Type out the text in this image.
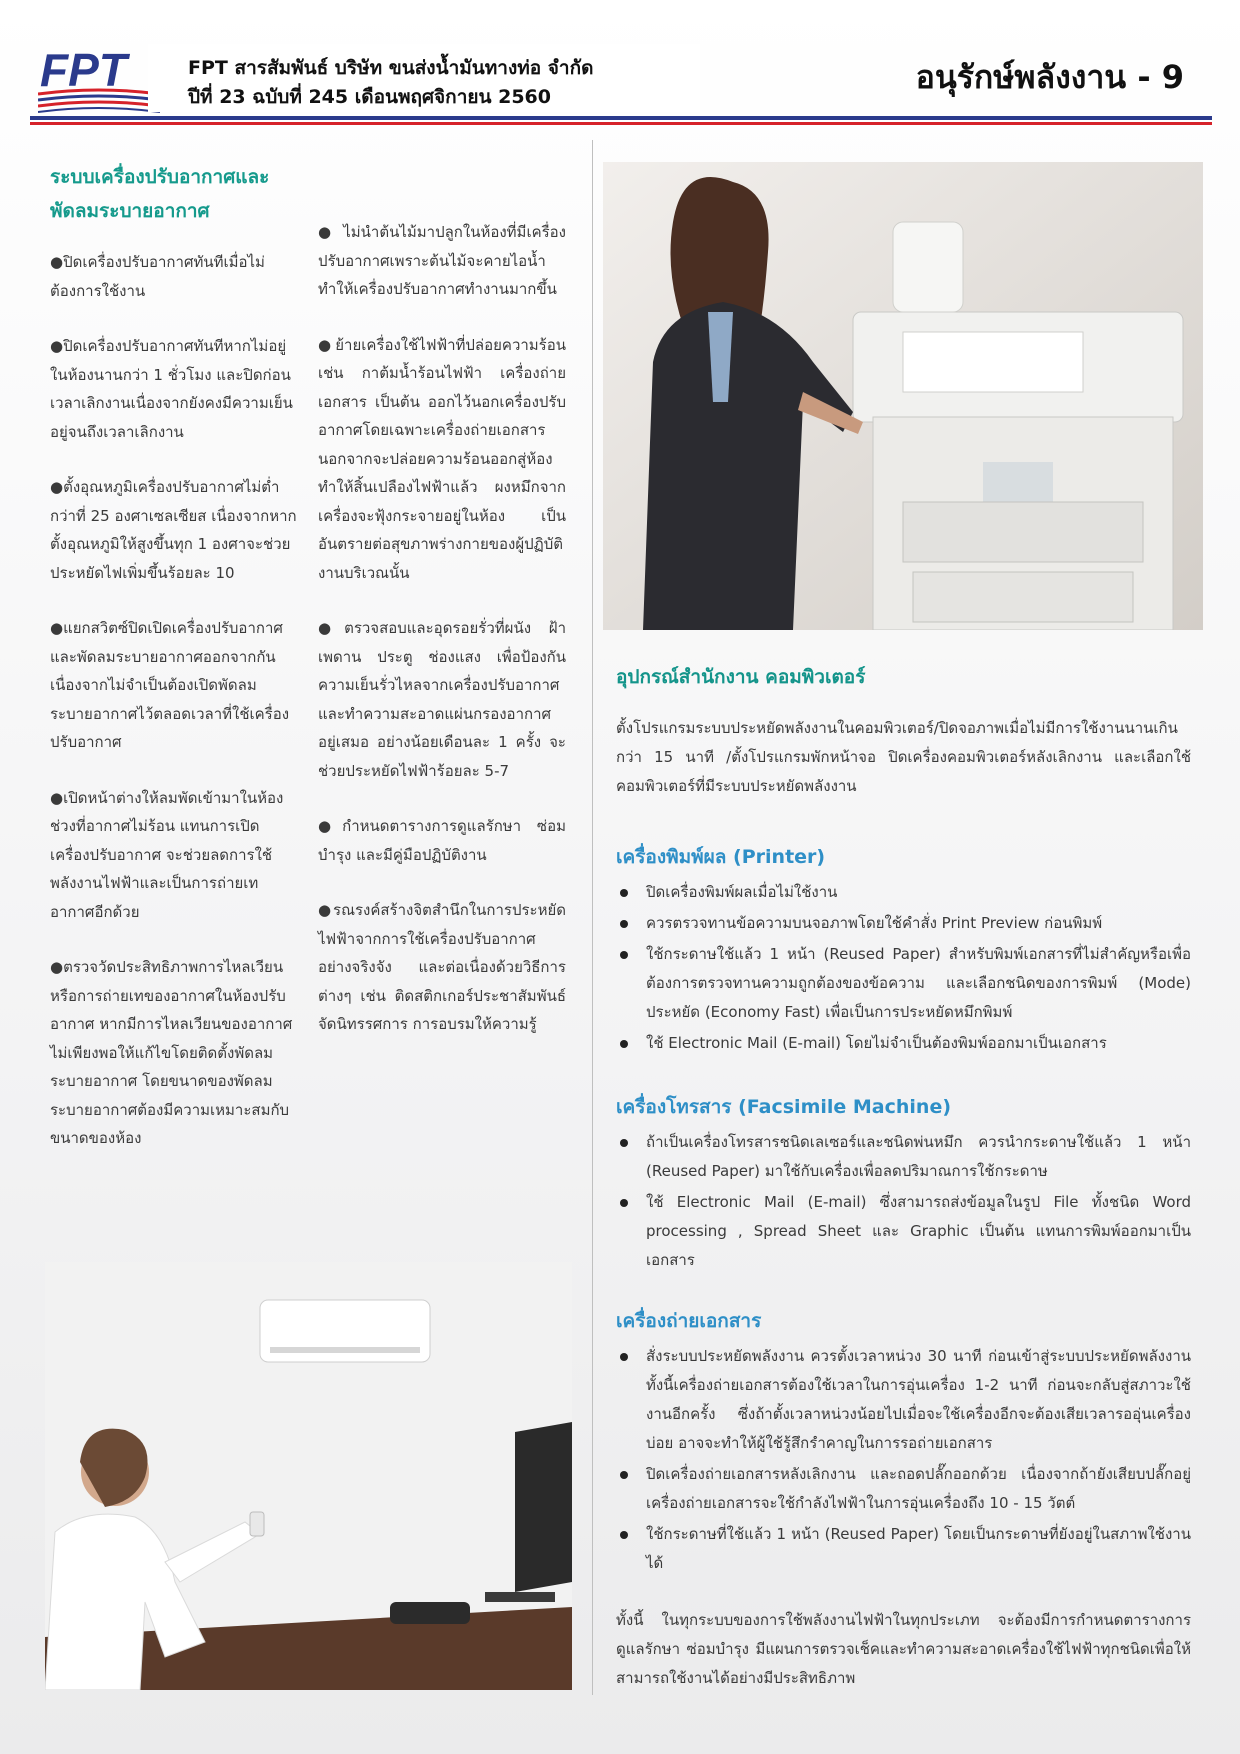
FPT	FPT สารสัมพันธ์ บริษัท ขนส่งน้ำมันทางท่อ จำกัด
ปีที่ 23 ฉบับที่ 245 เดือนพฤศจิกายน 2560
อนุรักษ์พลังงาน - 9
ระบบเครื่องปรับอากาศและพัดลมระบายอากาศ

●ปิดเครื่องปรับอากาศทันทีเมื่อไม่ต้องการใช้งาน

●ปิดเครื่องปรับอากาศทันทีหากไม่อยู่ในห้องนานกว่า 1 ชั่วโมง และปิดก่อนเวลาเลิกงานเนื่องจากยังคงมีความเย็นอยู่จนถึงเวลาเลิกงาน

●ตั้งอุณหภูมิเครื่องปรับอากาศไม่ต่ำกว่าที่ 25 องศาเซลเซียส เนื่องจากหากตั้งอุณหภูมิให้สูงขึ้นทุก 1 องศาจะช่วยประหยัดไฟเพิ่มขึ้นร้อยละ 10

●แยกสวิตซ์ปิดเปิดเครื่องปรับอากาศและพัดลมระบายอากาศออกจากกัน เนื่องจากไม่จำเป็นต้องเปิดพัดลมระบายอากาศไว้ตลอดเวลาที่ใช้เครื่องปรับอากาศ

●เปิดหน้าต่างให้ลมพัดเข้ามาในห้องช่วงที่อากาศไม่ร้อน แทนการเปิดเครื่องปรับอากาศ จะช่วยลดการใช้พลังงานไฟฟ้าและเป็นการถ่ายเทอากาศอีกด้วย

●ตรวจวัดประสิทธิภาพการไหลเวียนหรือการถ่ายเทของอากาศในห้องปรับอากาศ หากมีการไหลเวียนของอากาศไม่เพียงพอให้แก้ไขโดยติดตั้งพัดลมระบายอากาศ โดยขนาดของพัดลมระบายอากาศต้องมีความเหมาะสมกับขนาดของห้อง

●ไม่นำต้นไม้มาปลูกในห้องที่มีเครื่องปรับอากาศเพราะต้นไม้จะคายไอน้ำทำให้เครื่องปรับอากาศทำงานมากขึ้น

●ย้ายเครื่องใช้ไฟฟ้าที่ปล่อยความร้อน เช่น กาต้มน้ำร้อนไฟฟ้า เครื่องถ่ายเอกสาร เป็นต้น ออกไว้นอกเครื่องปรับอากาศโดยเฉพาะเครื่องถ่ายเอกสารนอกจากจะปล่อยความร้อนออกสู่ห้องทำให้สิ้นเปลืองไฟฟ้าแล้ว ผงหมึกจากเครื่องจะฟุ้งกระจายอยู่ในห้อง เป็นอันตรายต่อสุขภาพร่างกายของผู้ปฏิบัติงานบริเวณนั้น

●ตรวจสอบและอุดรอยรั่วที่ผนัง ฝ้าเพดาน ประตู ช่องแสง เพื่อป้องกันความเย็นรั่วไหลจากเครื่องปรับอากาศ และทำความสะอาดแผ่นกรองอากาศอยู่เสมอ อย่างน้อยเดือนละ 1 ครั้ง จะช่วยประหยัดไฟฟ้าร้อยละ 5-7

●กำหนดตารางการดูแลรักษา ซ่อมบำรุง และมีคู่มือปฏิบัติงาน

●รณรงค์สร้างจิตสำนึกในการประหยัดไฟฟ้าจากการใช้เครื่องปรับอากาศอย่างจริงจัง และต่อเนื่องด้วยวิธีการต่างๆ เช่น ติดสติกเกอร์ประชาสัมพันธ์ จัดนิทรรศการ การอบรมให้ความรู้

อุปกรณ์สำนักงาน คอมพิวเตอร์

ตั้งโปรแกรมระบบประหยัดพลังงานในคอมพิวเตอร์/ปิดจอภาพเมื่อไม่มีการใช้งานนานเกินกว่า 15 นาที /ตั้งโปรแกรมพักหน้าจอ ปิดเครื่องคอมพิวเตอร์หลังเลิกงาน และเลือกใช้คอมพิวเตอร์ที่มีระบบประหยัดพลังงาน

เครื่องพิมพ์ผล (Printer)
ปิดเครื่องพิมพ์ผลเมื่อไม่ใช้งาน
ควรตรวจทานข้อความบนจอภาพโดยใช้คำสั่ง Print Preview ก่อนพิมพ์
ใช้กระดาษใช้แล้ว 1 หน้า (Reused Paper) สำหรับพิมพ์เอกสารที่ไม่สำคัญหรือเพื่อต้องการตรวจทานความถูกต้องของข้อความ และเลือกชนิดของการพิมพ์ (Mode) ประหยัด (Economy Fast) เพื่อเป็นการประหยัดหมึกพิมพ์
ใช้ Electronic Mail (E-mail) โดยไม่จำเป็นต้องพิมพ์ออกมาเป็นเอกสาร
เครื่องโทรสาร (Facsimile Machine)
ถ้าเป็นเครื่องโทรสารชนิดเลเซอร์และชนิดพ่นหมึก ควรนำกระดาษใช้แล้ว 1 หน้า (Reused Paper) มาใช้กับเครื่องเพื่อลดปริมาณการใช้กระดาษ
ใช้ Electronic Mail (E-mail) ซึ่งสามารถส่งข้อมูลในรูป File ทั้งชนิด Word processing , Spread Sheet และ Graphic เป็นต้น แทนการพิมพ์ออกมาเป็นเอกสาร
เครื่องถ่ายเอกสาร
สั่งระบบประหยัดพลังงาน ควรตั้งเวลาหน่วง 30 นาที ก่อนเข้าสู่ระบบประหยัดพลังงานทั้งนี้เครื่องถ่ายเอกสารต้องใช้เวลาในการอุ่นเครื่อง 1-2 นาที ก่อนจะกลับสู่สภาวะใช้งานอีกครั้ง ซึ่งถ้าตั้งเวลาหน่วงน้อยไปเมื่อจะใช้เครื่องอีกจะต้องเสียเวลารออุ่นเครื่องบ่อย อาจจะทำให้ผู้ใช้รู้สึกรำคาญในการรอถ่ายเอกสาร
ปิดเครื่องถ่ายเอกสารหลังเลิกงาน และถอดปลั๊กออกด้วย เนื่องจากถ้ายังเสียบปลั๊กอยู่เครื่องถ่ายเอกสารจะใช้กำลังไฟฟ้าในการอุ่นเครื่องถึง 10 - 15 วัตต์
ใช้กระดาษที่ใช้แล้ว 1 หน้า (Reused Paper) โดยเป็นกระดาษที่ยังอยู่ในสภาพใช้งานได้

ทั้งนี้ ในทุกระบบของการใช้พลังงานไฟฟ้าในทุกประเภท จะต้องมีการกำหนดตารางการดูแลรักษา ซ่อมบำรุง มีแผนการตรวจเช็คและทำความสะอาดเครื่องใช้ไฟฟ้าทุกชนิดเพื่อให้สามารถใช้งานได้อย่างมีประสิทธิภาพ
